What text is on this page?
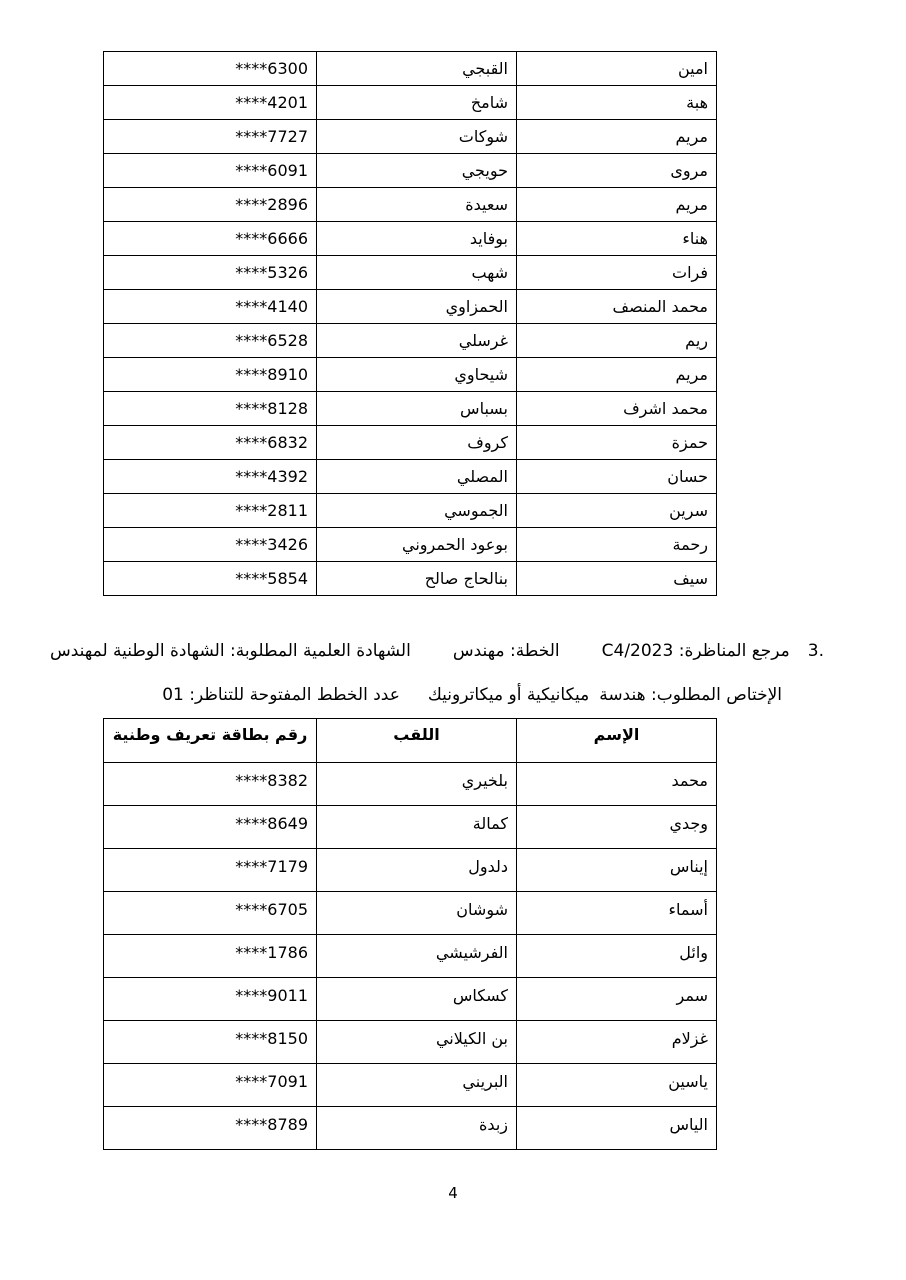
امين	القبجي	****6300
هبة	شامخ	****4201
مريم	شوكات	****7727
مروى	حويجي	****6091
مريم	سعيدة	****2896
هناء	بوفايد	****6666
فرات	شهب	****5326
محمد المنصف	الحمزاوي	****4140
ريم	غرسلي	****6528
مريم	شيحاوي	****8910
محمد اشرف	بسباس	****8128
حمزة	كروف	****6832
حسان	المصلي	****4392
سرين	الجموسي	****2811
رحمة	بوعود الحمروني	****3426
سيف	بنالحاج صالح	****5854
3.مرجع المناظرة: C4/2023الخطة: مهندسالشهادة العلمية المطلوبة: الشهادة الوطنية لمهندس
الإختاص المطلوب: هندسةميكانيكية أو ميكاترونيكعدد الخطط المفتوحة للتناظر: 01
الإسم	اللقب	رقم بطاقة تعريف وطنية
محمد	بلخيري	****8382
وجدي	كمالة	****8649
إيناس	دلدول	****7179
أسماء	شوشان	****6705
وائل	الفرشيشي	****1786
سمر	كسكاس	****9011
غزلام	بن الكيلاني	****8150
ياسين	البريني	****7091
الياس	زبدة	****8789
4
